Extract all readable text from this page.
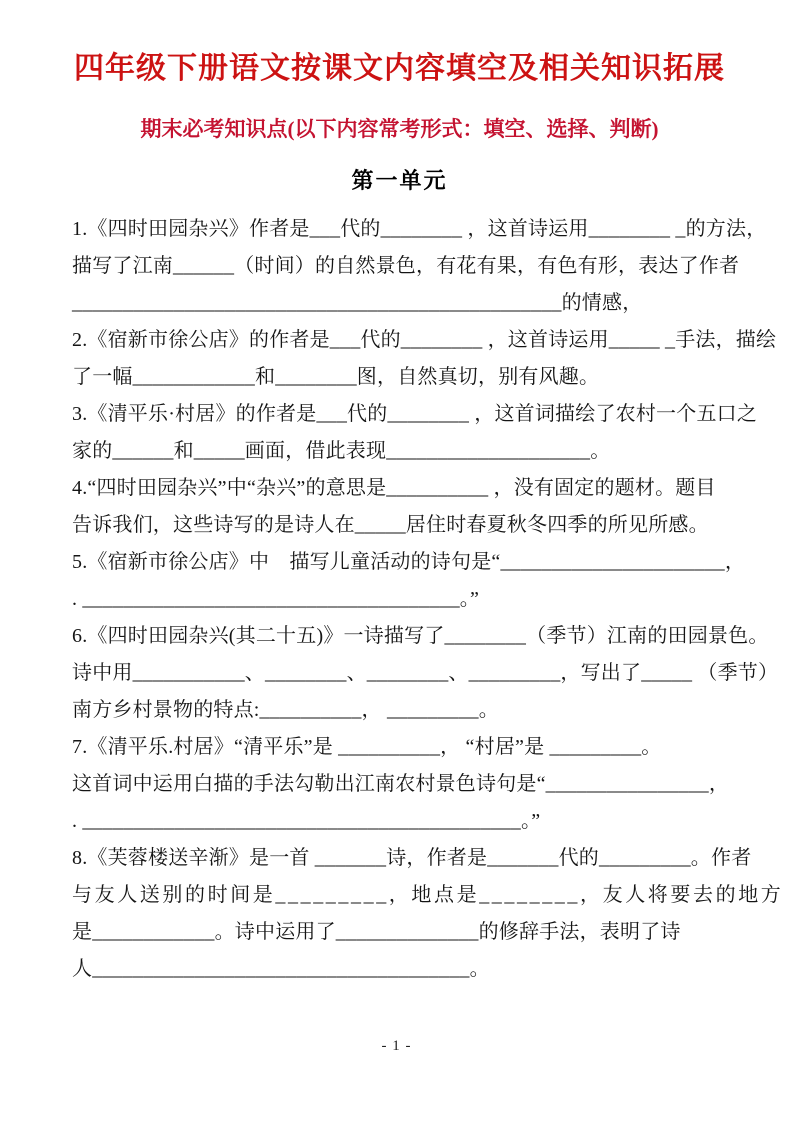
四年级下册语文按课文内容填空及相关知识拓展
期末必考知识点(以下内容常考形式：填空、选择、判断)
第一单元

1.《四时田园杂兴》作者是___代的________ ，这首诗运用________ _的方法，

描写了江南______（时间）的自然景色，有花有果，有色有形，表达了作者

________________________________________________的情感，

2.《宿新市徐公店》的作者是___代的________ ，这首诗运用_____ _手法，描绘

了一幅____________和________图，自然真切，别有风趣。

3.《清平乐·村居》的作者是___代的________ ，这首词描绘了农村一个五口之

家的______和_____画面，借此表现____________________。

4.“四时田园杂兴”中“杂兴”的意思是__________ ，没有固定的题材。题目

告诉我们，这些诗写的是诗人在_____居住时春夏秋冬四季的所见所感。

5.《宿新市徐公店》中　描写儿童活动的诗句是“______________________，

. _____________________________________。”

6.《四时田园杂兴(其二十五)》一诗描写了________（季节）江南的田园景色。

诗中用___________、________、________、_________，写出了_____ （季节）

南方乡村景物的特点:__________， _________。

7.《清平乐.村居》“清平乐”是 __________， “村居”是 _________。

这首词中运用白描的手法勾勒出江南农村景色诗句是“________________，

. ___________________________________________。”

8.《芙蓉楼送辛渐》是一首 _______诗，作者是_______代的_________。作者

与友人送别的时间是_________，地点是________，友人将要去的地方

是____________。诗中运用了______________的修辞手法，表明了诗

人_____________________________________。

- 1 -
